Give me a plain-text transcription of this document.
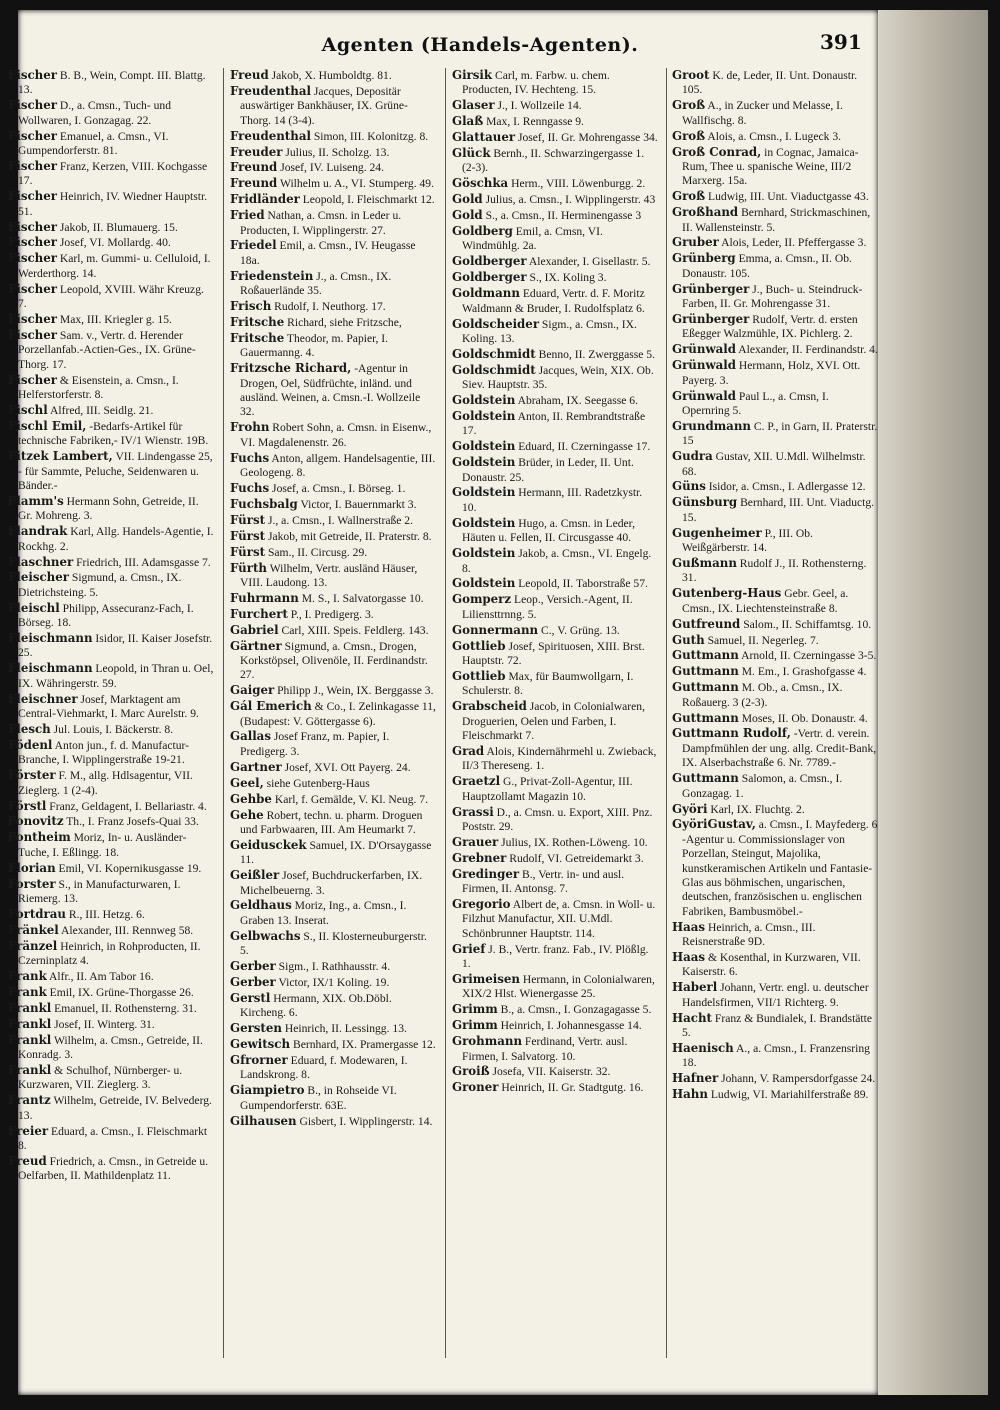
Agenten (Handels-Agenten).	391
Fischer B. B., Wein, Compt. III. Blattg. 13.
Fischer D., a. Cmsn., Tuch- und Wollwaren, I. Gonzagag. 22.
Fischer Emanuel, a. Cmsn., VI. Gumpendorferstr. 81.
Fischer Franz, Kerzen, VIII. Kochgasse 17.
Fischer Heinrich, IV. Wiedner Hauptstr. 51.
Fischer Jakob, II. Blumauerg. 15.
Fischer Josef, VI. Mollardg. 40.
Fischer Karl, m. Gummi- u. Celluloid, I. Werderthorg. 14.
Fischer Leopold, XVIII. Währ Kreuzg. 7.
Fischer Max, III. Kriegler g. 15.
Fischer Sam. v., Vertr. d. Herender Porzellanfab.-Actien-Ges., IX. Grüne-Thorg. 17.
Fischer & Eisenstein, a. Cmsn., I. Helferstorferstr. 8.
Fischl Alfred, III. Seidlg. 21.
Fischl Emil, -Bedarfs-Artikel für technische Fabriken,- IV/1 Wienstr. 19B.
Fitzek Lambert, VII. Lindengasse 25, - für Sammte, Peluche, Seidenwaren u. Bänder.-
Flamm's Hermann Sohn, Getreide, II. Gr. Mohreng. 3.
Flandrak Karl, Allg. Handels-Agentie, I. Rockhg. 2.
Flaschner Friedrich, III. Adamsgasse 7.
Fleischer Sigmund, a. Cmsn., IX. Dietrichsteing. 5.
Fleischl Philipp, Assecuranz-Fach, I. Börseg. 18.
Fleischmann Isidor, II. Kaiser Josefstr. 25.
Fleischmann Leopold, in Thran u. Oel, IX. Währingerstr. 59.
Fleischner Josef, Marktagent am Central-Viehmarkt, I. Marc Aurelstr. 9.
Flesch Jul. Louis, I. Bäckerstr. 8.
Födenl Anton jun., f. d. Manufactur-Branche, I. Wipplingerstraße 19-21.
Förster F. M., allg. Hdlsagentur, VII. Zieglerg. 1 (2-4).
Förstl Franz, Geldagent, I. Bellariastr. 4.
Fonovitz Th., I. Franz Josefs-Quai 33.
Fontheim Moriz, In- u. Ausländer-Tuche, I. Eßlingg. 18.
Florian Emil, VI. Kopernikusgasse 19.
Forster S., in Manufacturwaren, I. Riemerg. 13.
Fortdrau R., III. Hetzg. 6.
Fränkel Alexander, III. Rennweg 58.
Fränzel Heinrich, in Rohproducten, II. Czerninplatz 4.
Frank Alfr., II. Am Tabor 16.
Frank Emil, IX. Grüne-Thorgasse 26.
Frankl Emanuel, II. Rothensterng. 31.
Frankl Josef, II. Winterg. 31.
Frankl Wilhelm, a. Cmsn., Getreide, II. Konradg. 3.
Frankl & Schulhof, Nürnberger- u. Kurzwaren, VII. Zieglerg. 3.
Frantz Wilhelm, Getreide, IV. Belvederg. 13.
Freier Eduard, a. Cmsn., I. Fleischmarkt 8.
Freud Friedrich, a. Cmsn., in Getreide u. Oelfarben, II. Mathildenplatz 11.
Freud Jakob, X. Humboldtg. 81.
Freudenthal Jacques, Depositär auswärtiger Bankhäuser, IX. Grüne-Thorg. 14 (3-4).
Freudenthal Simon, III. Kolonitzg. 8.
Freuder Julius, II. Scholzg. 13.
Freund Josef, IV. Luiseng. 24.
Freund Wilhelm u. A., VI. Stumperg. 49.
Fridländer Leopold, I. Fleischmarkt 12.
Fried Nathan, a. Cmsn. in Leder u. Producten, I. Wipplingerstr. 27.
Friedel Emil, a. Cmsn., IV. Heugasse 18a.
Friedenstein J., a. Cmsn., IX. Roßauerlände 35.
Frisch Rudolf, I. Neuthorg. 17.
Fritsche Richard, siehe Fritzsche,
Fritsche Theodor, m. Papier, I. Gauermanng. 4.
Fritzsche Richard, -Agentur in Drogen, Oel, Südfrüchte, inländ. und ausländ. Weinen, a. Cmsn.-I. Wollzeile 32.
Frohn Robert Sohn, a. Cmsn. in Eisenw., VI. Magdalenenstr. 26.
Fuchs Anton, allgem. Handelsagentie, III. Geologeng. 8.
Fuchs Josef, a. Cmsn., I. Börseg. 1.
Fuchsbalg Victor, I. Bauernmarkt 3.
Fürst J., a. Cmsn., I. Wallnerstraße 2.
Fürst Jakob, mit Getreide, II. Praterstr. 8.
Fürst Sam., II. Circusg. 29.
Fürth Wilhelm, Vertr. ausländ Häuser, VIII. Laudong. 13.
Fuhrmann M. S., I. Salvatorgasse 10.
Furchert P., I. Predigerg. 3.
Gabriel Carl, XIII. Speis. Feldlerg. 143.
Gärtner Sigmund, a. Cmsn., Drogen, Korkstöpsel, Olivenöle, II. Ferdinandstr. 27.
Gaiger Philipp J., Wein, IX. Berggasse 3.
Gál Emerich & Co., I. Zelinkagasse 11, (Budapest: V. Göttergasse 6).
Gallas Josef Franz, m. Papier, I. Predigerg. 3.
Gartner Josef, XVI. Ott Payerg. 24.
Geel, siehe Gutenberg-Haus
Gehbe Karl, f. Gemälde, V. Kl. Neug. 7.
Gehe Robert, techn. u. pharm. Droguen und Farbwaaren, III. Am Heumarkt 7.
Geidusckek Samuel, IX. D'Orsaygasse 11.
Geißler Josef, Buchdruckerfarben, IX. Michelbeuerng. 3.
Geldhaus Moriz, Ing., a. Cmsn., I. Graben 13. Inserat.
Gelbwachs S., II. Klosterneuburgerstr. 5.
Gerber Sigm., I. Rathhausstr. 4.
Gerber Victor, IX/1 Koling. 19.
Gerstl Hermann, XIX. Ob.Döbl. Kircheng. 6.
Gersten Heinrich, II. Lessingg. 13.
Gewitsch Bernhard, IX. Pramergasse 12.
Gfrorner Eduard, f. Modewaren, I. Landskrong. 8.
Giampietro B., in Rohseide VI. Gumpendorferstr. 63E.
Gilhausen Gisbert, I. Wipplingerstr. 14.
Girsik Carl, m. Farbw. u. chem. Producten, IV. Hechteng. 15.
Glaser J., I. Wollzeile 14.
Glaß Max, I. Renngasse 9.
Glattauer Josef, II. Gr. Mohrengasse 34.
Glück Bernh., II. Schwarzingergasse 1. (2-3).
Göschka Herm., VIII. Löwenburgg. 2.
Gold Julius, a. Cmsn., I. Wipplingerstr. 43
Gold S., a. Cmsn., II. Herminengasse 3
Goldberg Emil, a. Cmsn, VI. Windmühlg. 2a.
Goldberger Alexander, I. Gisellastr. 5.
Goldberger S., IX. Koling 3.
Goldmann Eduard, Vertr. d. F. Moritz Waldmann & Bruder, I. Rudolfsplatz 6.
Goldscheider Sigm., a. Cmsn., IX. Koling. 13.
Goldschmidt Benno, II. Zwerggasse 5.
Goldschmidt Jacques, Wein, XIX. Ob. Siev. Hauptstr. 35.
Goldstein Abraham, IX. Seegasse 6.
Goldstein Anton, II. Rembrandtstraße 17.
Goldstein Eduard, II. Czerningasse 17.
Goldstein Brüder, in Leder, II. Unt. Donaustr. 25.
Goldstein Hermann, III. Radetzkystr. 10.
Goldstein Hugo, a. Cmsn. in Leder, Häuten u. Fellen, II. Circusgasse 40.
Goldstein Jakob, a. Cmsn., VI. Engelg. 8.
Goldstein Leopold, II. Taborstraße 57.
Gomperz Leop., Versich.-Agent, II. Liliensttrnng. 5.
Gonnermann C., V. Grüng. 13.
Gottlieb Josef, Spirituosen, XIII. Brst. Hauptstr. 72.
Gottlieb Max, für Baumwollgarn, I. Schulerstr. 8.
Grabscheid Jacob, in Colonialwaren, Droguerien, Oelen und Farben, I. Fleischmarkt 7.
Grad Alois, Kindernährmehl u. Zwieback, II/3 Thereseng. 1.
Graetzl G., Privat-Zoll-Agentur, III. Hauptzollamt Magazin 10.
Grassi D., a. Cmsn. u. Export, XIII. Pnz. Poststr. 29.
Grauer Julius, IX. Rothen-Löweng. 10.
Grebner Rudolf, VI. Getreidemarkt 3.
Gredinger B., Vertr. in- und ausl. Firmen, II. Antonsg. 7.
Gregorio Albert de, a. Cmsn. in Woll- u. Filzhut Manufactur, XII. U.Mdl. Schönbrunner Hauptstr. 114.
Grief J. B., Vertr. franz. Fab., IV. Plößlg. 1.
Grimeisen Hermann, in Colonialwaren, XIX/2 Hlst. Wienergasse 25.
Grimm B., a. Cmsn., I. Gonzagagasse 5.
Grimm Heinrich, I. Johannesgasse 14.
Grohmann Ferdinand, Vertr. ausl. Firmen, I. Salvatorg. 10.
Groiß Josefa, VII. Kaiserstr. 32.
Groner Heinrich, II. Gr. Stadtgutg. 16.
Groot K. de, Leder, II. Unt. Donaustr. 105.
Groß A., in Zucker und Melasse, I. Wallfischg. 8.
Groß Alois, a. Cmsn., I. Lugeck 3.
Groß Conrad, in Cognac, Jamaica-Rum, Thee u. spanische Weine, III/2 Marxerg. 15a.
Groß Ludwig, III. Unt. Viaductgasse 43.
Großhand Bernhard, Strickmaschinen, II. Wallensteinstr. 5.
Gruber Alois, Leder, II. Pfeffergasse 3.
Grünberg Emma, a. Cmsn., II. Ob. Donaustr. 105.
Grünberger J., Buch- u. Steindruck-Farben, II. Gr. Mohrengasse 31.
Grünberger Rudolf, Vertr. d. ersten Eßegger Walzmühle, IX. Pichlerg. 2.
Grünwald Alexander, II. Ferdinandstr. 4.
Grünwald Hermann, Holz, XVI. Ott. Payerg. 3.
Grünwald Paul L., a. Cmsn, I. Opernring 5.
Grundmann C. P., in Garn, II. Praterstr. 15
Gudra Gustav, XII. U.Mdl. Wilhelmstr. 68.
Güns Isidor, a. Cmsn., I. Adlergasse 12.
Günsburg Bernhard, III. Unt. Viaductg. 15.
Gugenheimer P., III. Ob. Weißgärberstr. 14.
Gußmann Rudolf J., II. Rothensterng. 31.
Gutenberg-Haus Gebr. Geel, a. Cmsn., IX. Liechtensteinstraße 8.
Gutfreund Salom., II. Schiffamtsg. 10.
Guth Samuel, II. Negerleg. 7.
Guttmann Arnold, II. Czerningasse 3-5.
Guttmann M. Em., I. Grashofgasse 4.
Guttmann M. Ob., a. Cmsn., IX. Roßauerg. 3 (2-3).
Guttmann Moses, II. Ob. Donaustr. 4.
Guttmann Rudolf, -Vertr. d. verein. Dampfmühlen der ung. allg. Credit-Bank, IX. Alserbachstraße 6. Nr. 7789.-
Guttmann Salomon, a. Cmsn., I. Gonzagag. 1.
Györi Karl, IX. Fluchtg. 2.
GyöriGustav, a. Cmsn., I. Mayfederg. 6 -Agentur u. Commissionslager von Porzellan, Steingut, Majolika, kunstkeramischen Artikeln und Fantasie-Glas aus böhmischen, ungarischen, deutschen, französischen u. englischen Fabriken, Bambusmöbel.-
Haas Heinrich, a. Cmsn., III. Reisnerstraße 9D.
Haas & Kosenthal, in Kurzwaren, VII. Kaiserstr. 6.
Haberl Johann, Vertr. engl. u. deutscher Handelsfirmen, VII/1 Richterg. 9.
Hacht Franz & Bundialek, I. Brandstätte 5.
Haenisch A., a. Cmsn., I. Franzensring 18.
Hafner Johann, V. Rampersdorfgasse 24.
Hahn Ludwig, VI. Mariahilferstraße 89.
